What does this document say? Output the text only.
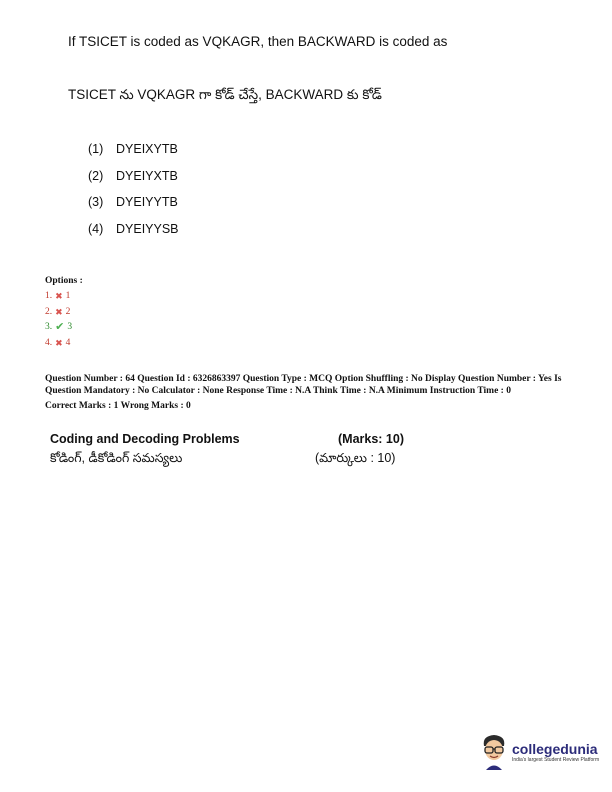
If TSICET is coded as VQKAGR, then BACKWARD is coded as
TSICET ను VQKAGR గా కోడ్ చేస్తే, BACKWARD కు కోడ్
(1)	DYEIXYTB
(2)	DYEIYXTB
(3)	DYEIYYTB
(4)	DYEIYYSB
Options :
1. ✖ 1
2. ✖ 2
3. ✔ 3
4. ✖ 4

Question Number : 64 Question Id : 6326863397 Question Type : MCQ Option Shuffling : No Display Question Number : Yes Is Question Mandatory : No Calculator : None Response Time : N.A Think Time : N.A Minimum Instruction Time : 0

Correct Marks : 1 Wrong Marks : 0

Coding and Decoding Problems	(Marks: 10)
కోడింగ్, డీకోడింగ్ సమస్యలు	(మార్కులు : 10)
collegedunia
India's largest Student Review Platform
